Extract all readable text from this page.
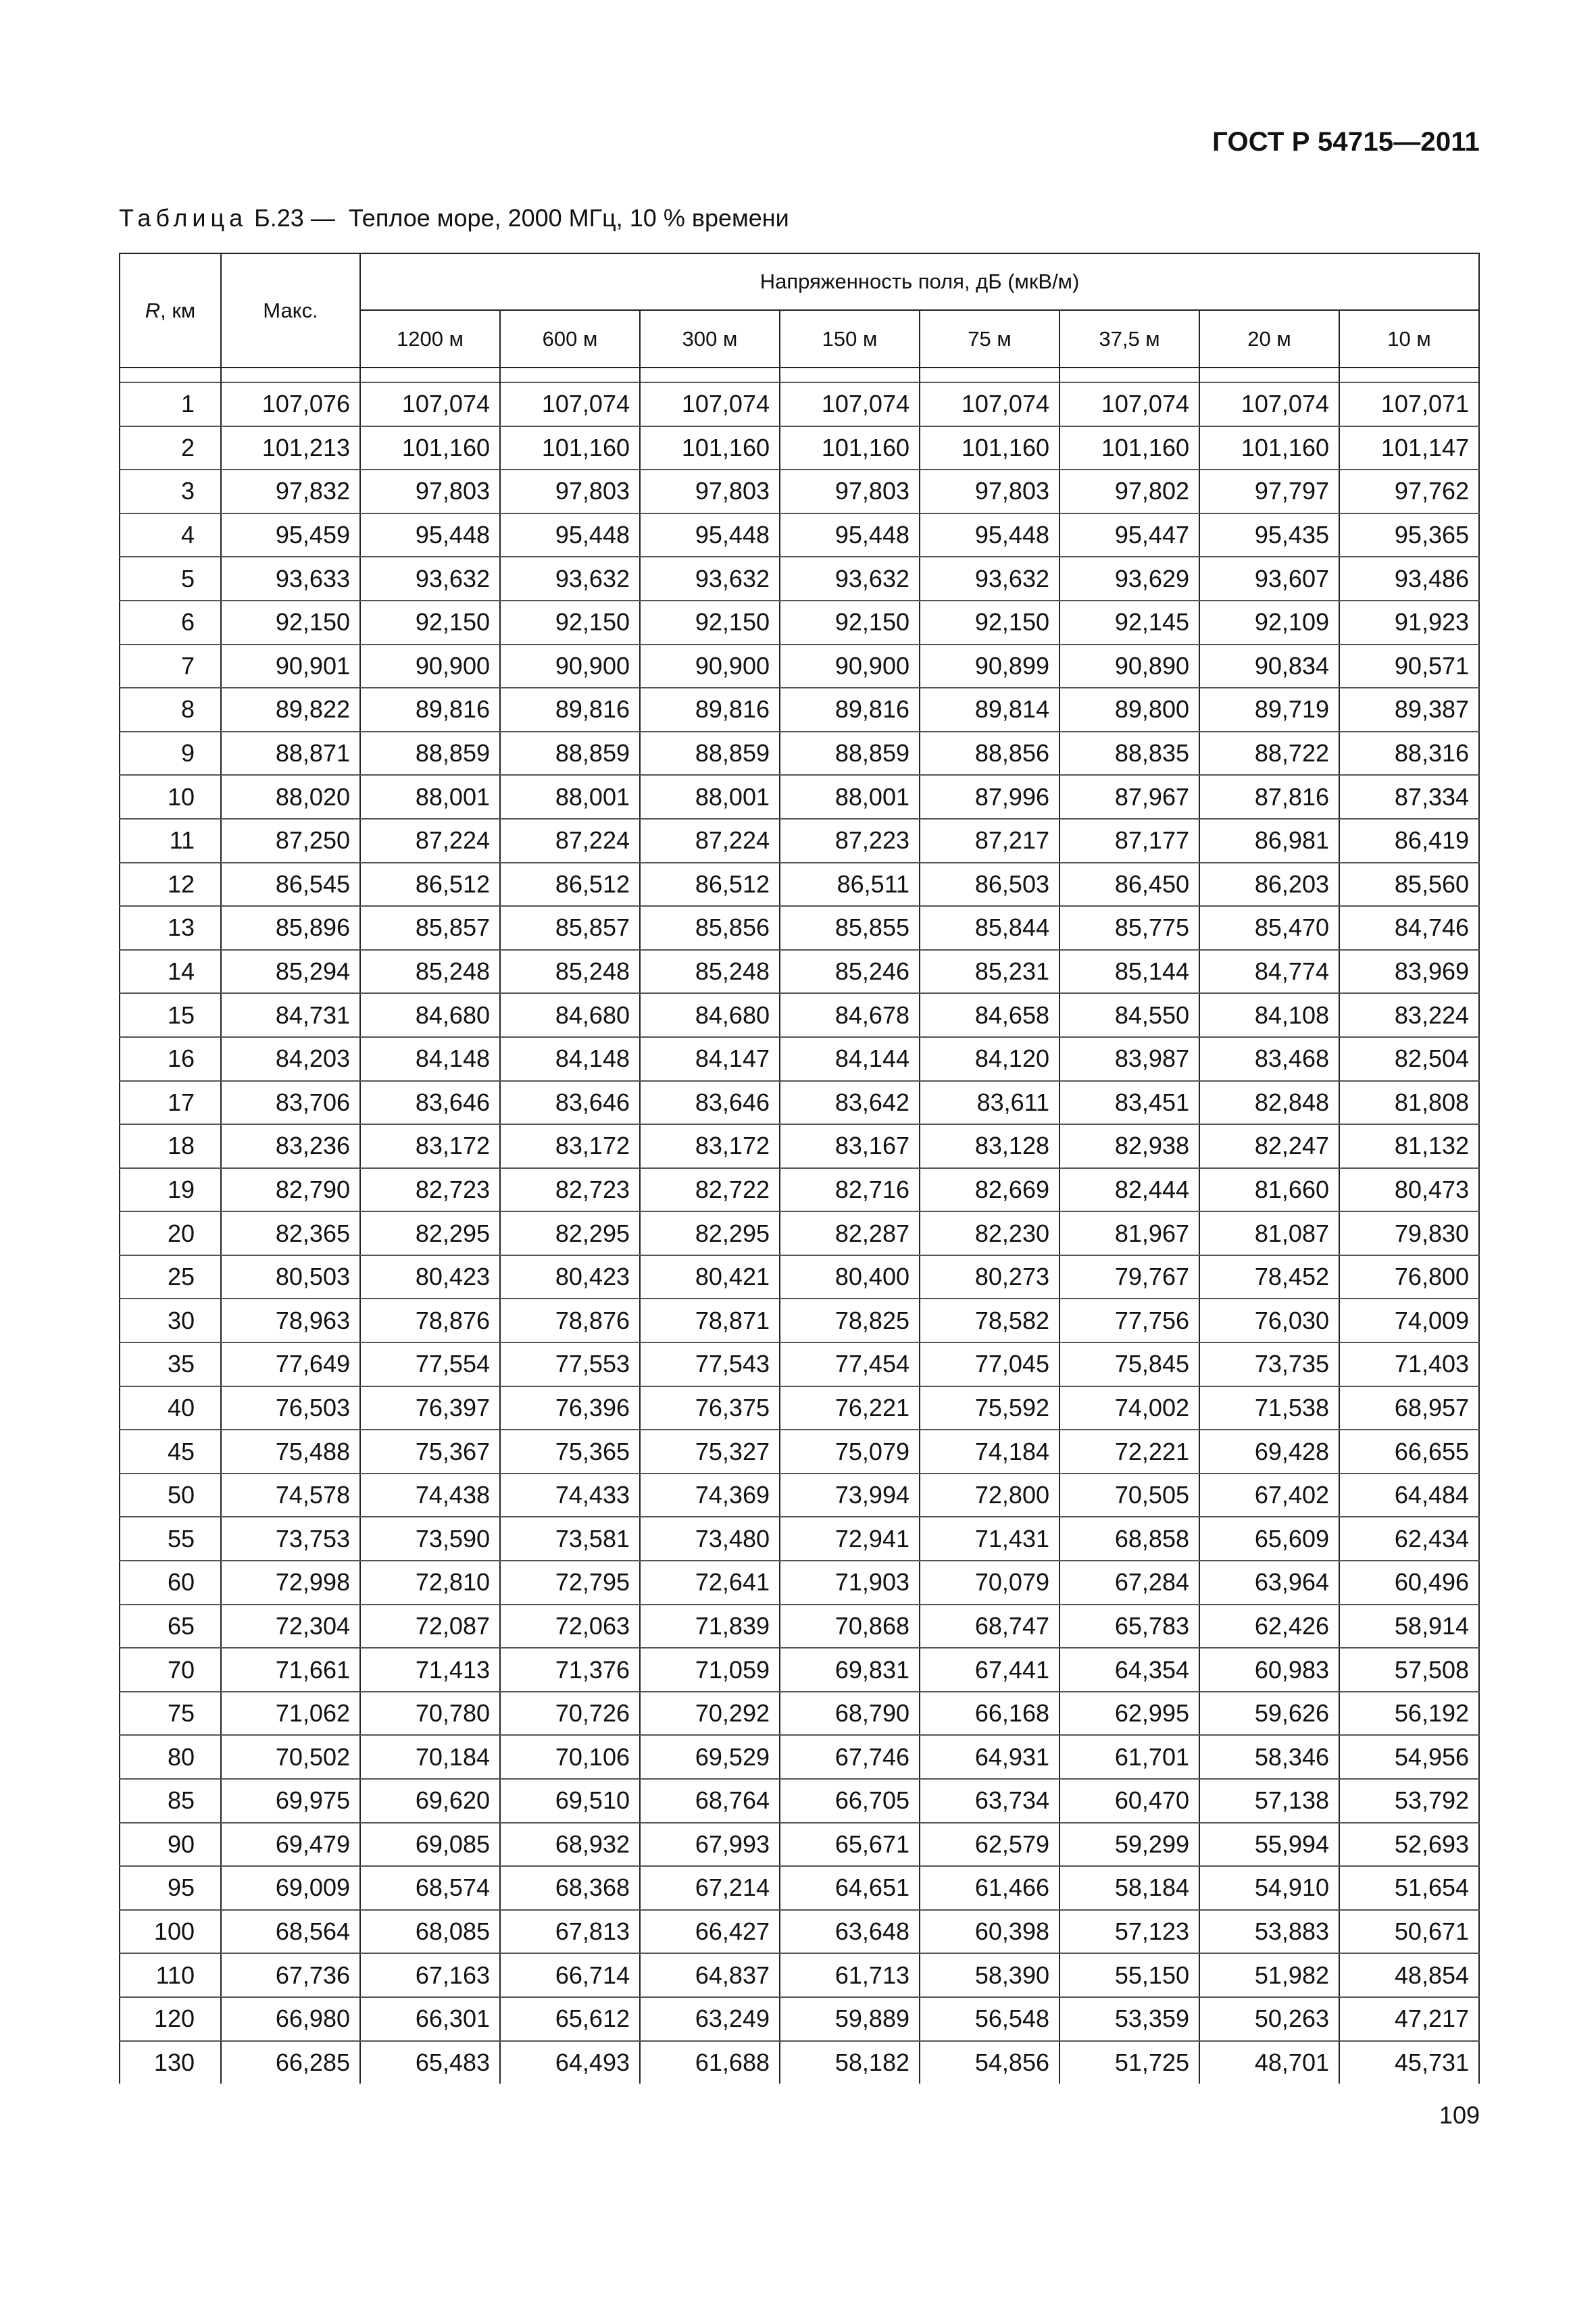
ГОСТ Р 54715—2011
Таблица Б.23 —  Теплое море, 2000 МГц, 10 % времени
R, км	Макс.	Напряженность поля, дБ (мкВ/м)							
		1200 м	600 м	300 м	150 м	75 м	37,5 м	20 м	10 м

1	107,076	107,074	107,074	107,074	107,074	107,074	107,074	107,074	107,071
2	101,213	101,160	101,160	101,160	101,160	101,160	101,160	101,160	101,147
3	97,832	97,803	97,803	97,803	97,803	97,803	97,802	97,797	97,762
4	95,459	95,448	95,448	95,448	95,448	95,448	95,447	95,435	95,365
5	93,633	93,632	93,632	93,632	93,632	93,632	93,629	93,607	93,486
6	92,150	92,150	92,150	92,150	92,150	92,150	92,145	92,109	91,923
7	90,901	90,900	90,900	90,900	90,900	90,899	90,890	90,834	90,571
8	89,822	89,816	89,816	89,816	89,816	89,814	89,800	89,719	89,387
9	88,871	88,859	88,859	88,859	88,859	88,856	88,835	88,722	88,316
10	88,020	88,001	88,001	88,001	88,001	87,996	87,967	87,816	87,334
11	87,250	87,224	87,224	87,224	87,223	87,217	87,177	86,981	86,419
12	86,545	86,512	86,512	86,512	86,511	86,503	86,450	86,203	85,560
13	85,896	85,857	85,857	85,856	85,855	85,844	85,775	85,470	84,746
14	85,294	85,248	85,248	85,248	85,246	85,231	85,144	84,774	83,969
15	84,731	84,680	84,680	84,680	84,678	84,658	84,550	84,108	83,224
16	84,203	84,148	84,148	84,147	84,144	84,120	83,987	83,468	82,504
17	83,706	83,646	83,646	83,646	83,642	83,611	83,451	82,848	81,808
18	83,236	83,172	83,172	83,172	83,167	83,128	82,938	82,247	81,132
19	82,790	82,723	82,723	82,722	82,716	82,669	82,444	81,660	80,473
20	82,365	82,295	82,295	82,295	82,287	82,230	81,967	81,087	79,830
25	80,503	80,423	80,423	80,421	80,400	80,273	79,767	78,452	76,800
30	78,963	78,876	78,876	78,871	78,825	78,582	77,756	76,030	74,009
35	77,649	77,554	77,553	77,543	77,454	77,045	75,845	73,735	71,403
40	76,503	76,397	76,396	76,375	76,221	75,592	74,002	71,538	68,957
45	75,488	75,367	75,365	75,327	75,079	74,184	72,221	69,428	66,655
50	74,578	74,438	74,433	74,369	73,994	72,800	70,505	67,402	64,484
55	73,753	73,590	73,581	73,480	72,941	71,431	68,858	65,609	62,434
60	72,998	72,810	72,795	72,641	71,903	70,079	67,284	63,964	60,496
65	72,304	72,087	72,063	71,839	70,868	68,747	65,783	62,426	58,914
70	71,661	71,413	71,376	71,059	69,831	67,441	64,354	60,983	57,508
75	71,062	70,780	70,726	70,292	68,790	66,168	62,995	59,626	56,192
80	70,502	70,184	70,106	69,529	67,746	64,931	61,701	58,346	54,956
85	69,975	69,620	69,510	68,764	66,705	63,734	60,470	57,138	53,792
90	69,479	69,085	68,932	67,993	65,671	62,579	59,299	55,994	52,693
95	69,009	68,574	68,368	67,214	64,651	61,466	58,184	54,910	51,654
100	68,564	68,085	67,813	66,427	63,648	60,398	57,123	53,883	50,671
110	67,736	67,163	66,714	64,837	61,713	58,390	55,150	51,982	48,854
120	66,980	66,301	65,612	63,249	59,889	56,548	53,359	50,263	47,217
130	66,285	65,483	64,493	61,688	58,182	54,856	51,725	48,701	45,731
109
